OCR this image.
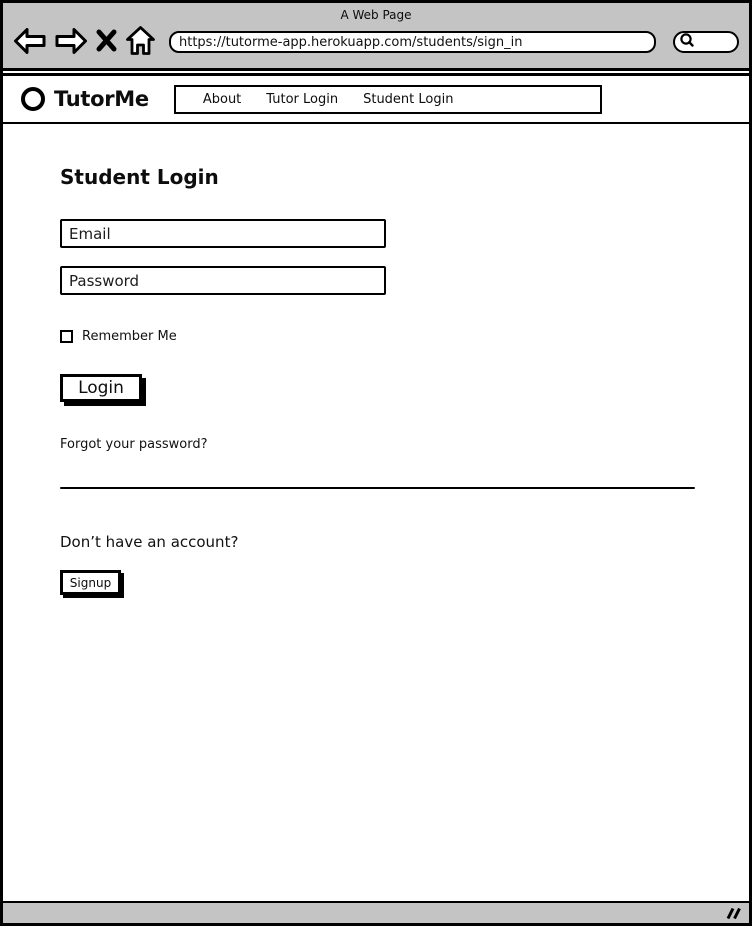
A Web Page
https://tutorme-app.herokuapp.com/students/sign_in
TutorMe	About Tutor Login Student Login
Student Login
Email
Password
Remember Me
Login
Forgot your password?
Don’t have an account?
Signup
